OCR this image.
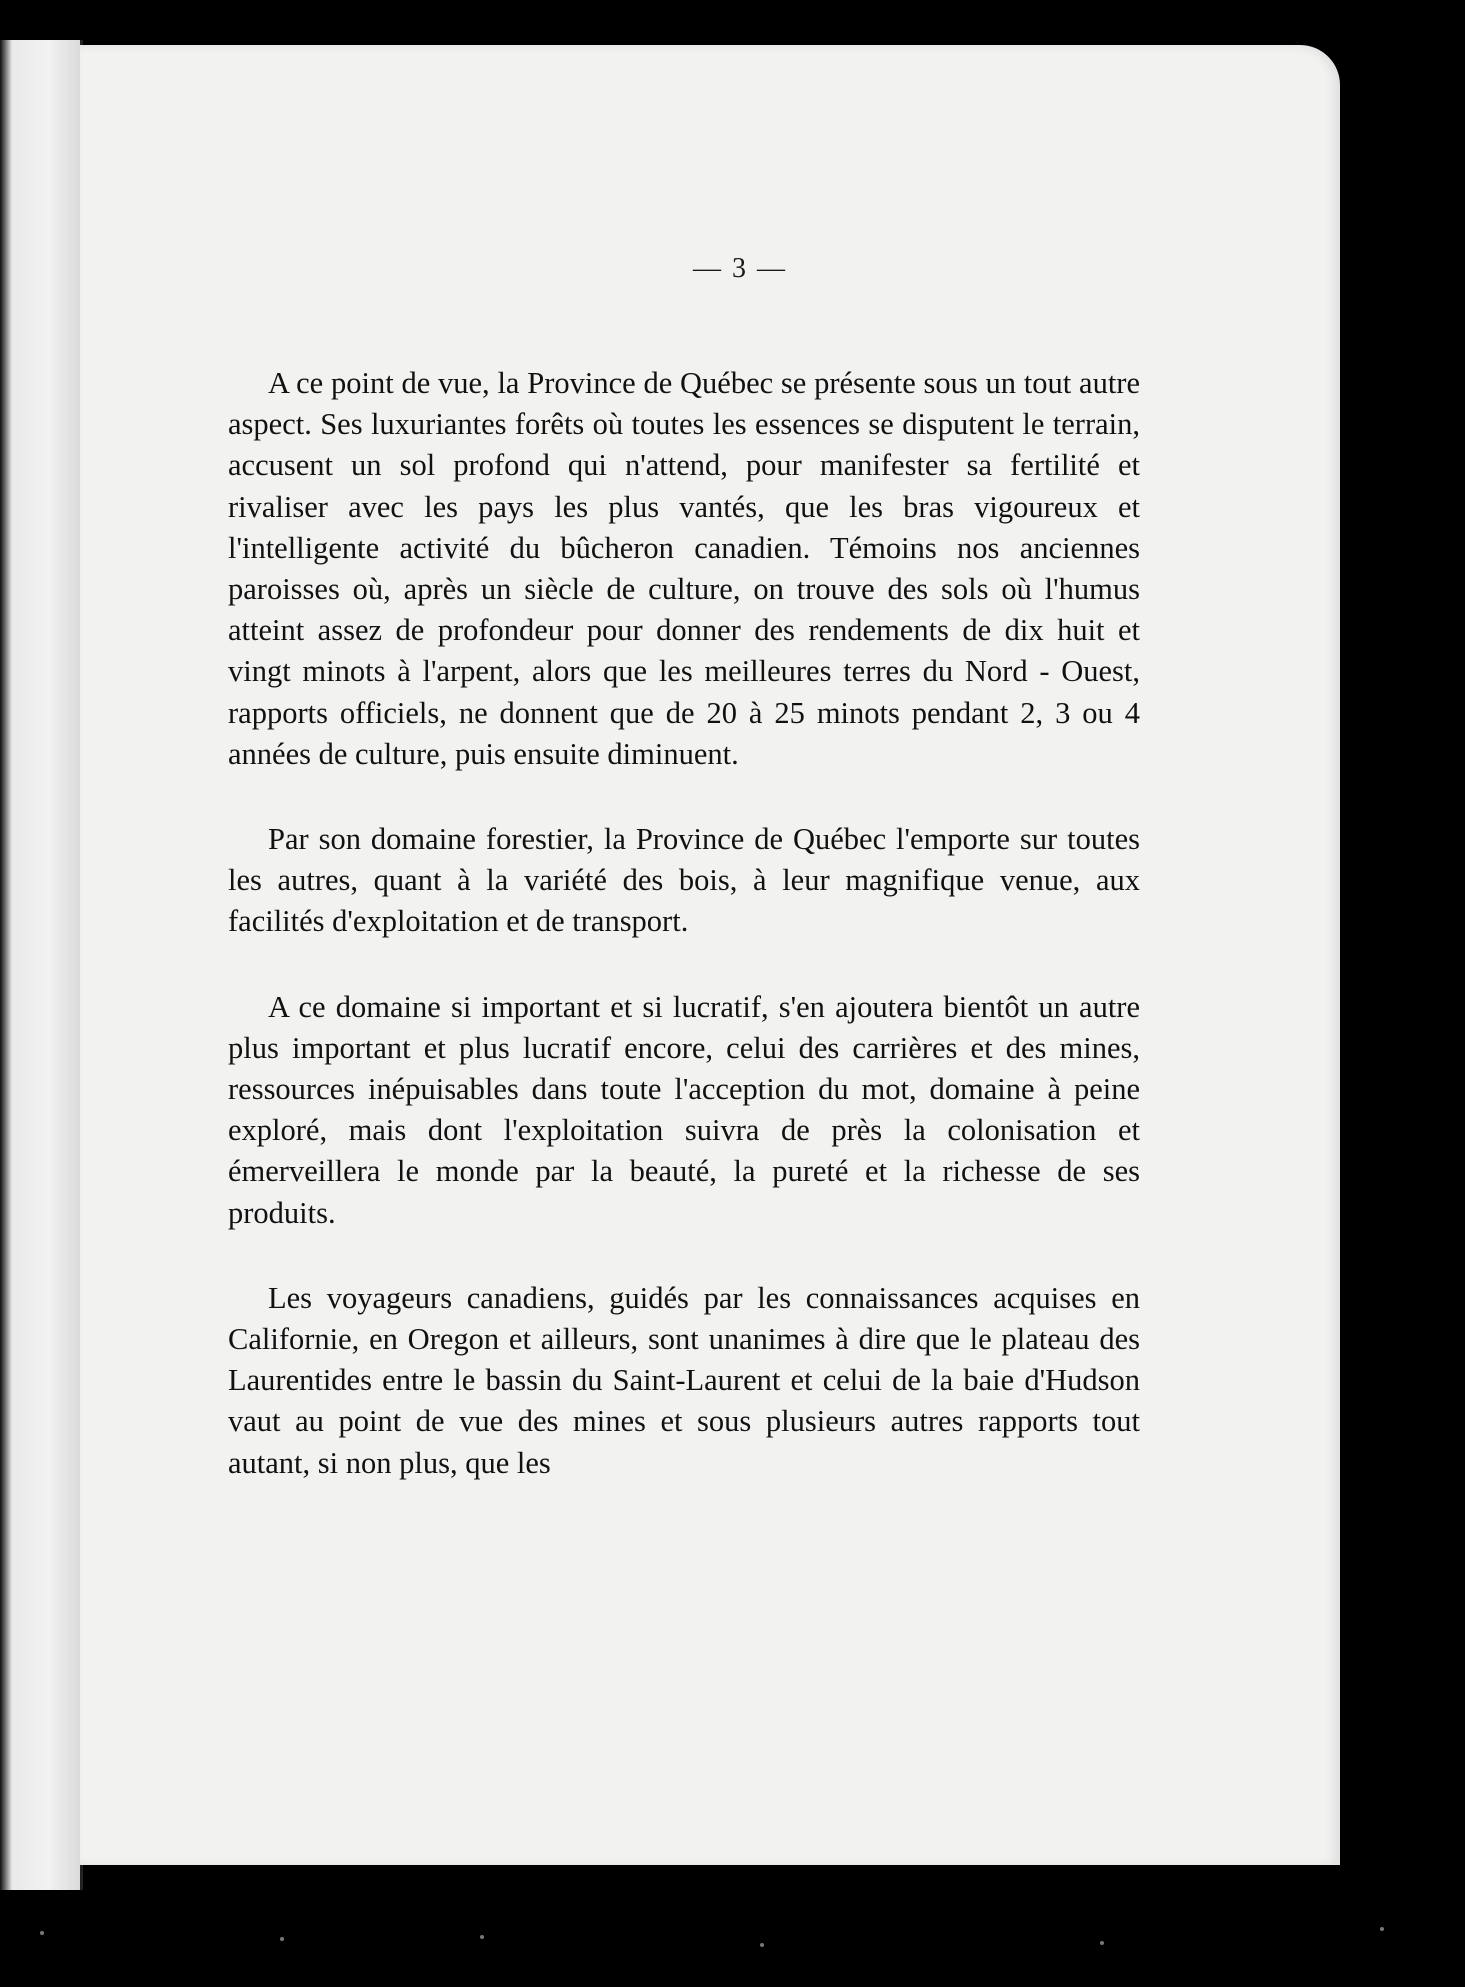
— 3 —

A ce point de vue, la Province de Québec se présente sous un tout autre aspect. Ses luxuriantes forêts où toutes les essences se disputent le terrain, accusent un sol profond qui n'attend, pour manifester sa fertilité et rivaliser avec les pays les plus vantés, que les bras vigoureux et l'intelligente activité du bûcheron canadien. Témoins nos anciennes paroisses où, après un siècle de culture, on trouve des sols où l'humus atteint assez de profondeur pour donner des rendements de dix huit et vingt minots à l'arpent, alors que les meilleures terres du Nord - Ouest, rapports officiels, ne donnent que de 20 à 25 minots pendant 2, 3 ou 4 années de culture, puis ensuite diminuent.

Par son domaine forestier, la Province de Québec l'emporte sur toutes les autres, quant à la variété des bois, à leur magnifique venue, aux facilités d'exploitation et de transport.

A ce domaine si important et si lucratif, s'en ajoutera bientôt un autre plus important et plus lucratif encore, celui des carrières et des mines, ressources inépuisables dans toute l'acception du mot, domaine à peine exploré, mais dont l'exploitation suivra de près la colonisation et émerveillera le monde par la beauté, la pureté et la richesse de ses produits.

Les voyageurs canadiens, guidés par les connaissances acquises en Californie, en Oregon et ailleurs, sont unanimes à dire que le plateau des Laurentides entre le bassin du Saint-Laurent et celui de la baie d'Hudson vaut au point de vue des mines et sous plusieurs autres rapports tout autant, si non plus, que les
